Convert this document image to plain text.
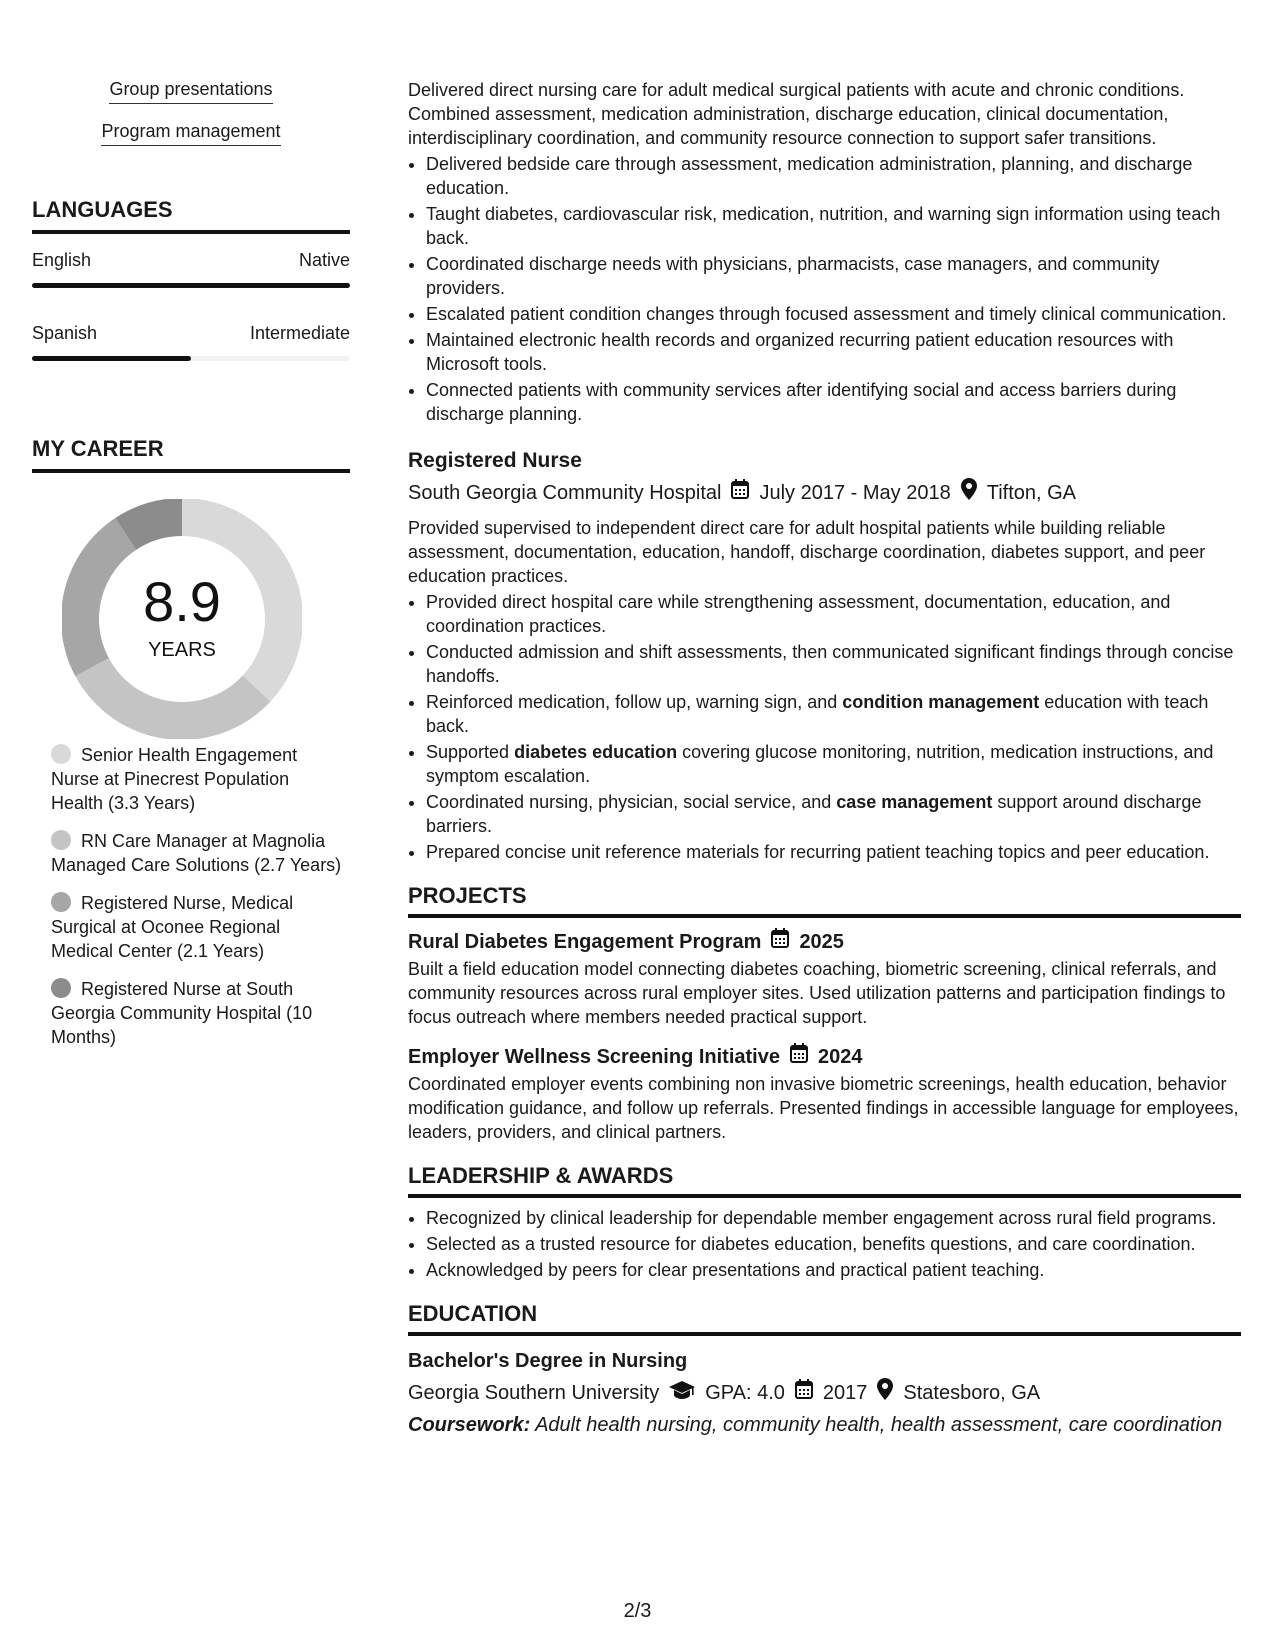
Group presentations
Program management
LANGUAGES
English	Native
Spanish	Intermediate
MY CAREER
8.9
YEARS
Senior Health Engagement Nurse at Pinecrest Population Health (3.3 Years)
RN Care Manager at Magnolia Managed Care Solutions (2.7 Years)
Registered Nurse, Medical Surgical at Oconee Regional Medical Center (2.1 Years)
Registered Nurse at South Georgia Community Hospital (10 Months)

Delivered direct nursing care for adult medical surgical patients with acute and chronic conditions. Combined assessment, medication administration, discharge education, clinical documentation, interdisciplinary coordination, and community resource connection to support safer transitions.

• Delivered bedside care through assessment, medication administration, planning, and discharge education.
• Taught diabetes, cardiovascular risk, medication, nutrition, and warning sign information using teach back.
• Coordinated discharge needs with physicians, pharmacists, case managers, and community providers.
• Escalated patient condition changes through focused assessment and timely clinical communication.
• Maintained electronic health records and organized recurring patient education resources with Microsoft tools.
• Connected patients with community services after identifying social and access barriers during discharge planning.
Registered Nurse
South Georgia Community Hospital July 2017 - May 2018 Tifton, GA

Provided supervised to independent direct care for adult hospital patients while building reliable assessment, documentation, education, handoff, discharge coordination, diabetes support, and peer education practices.

• Provided direct hospital care while strengthening assessment, documentation, education, and coordination practices.
• Conducted admission and shift assessments, then communicated significant findings through concise handoffs.
• Reinforced medication, follow up, warning sign, and condition management education with teach back.
• Supported diabetes education covering glucose monitoring, nutrition, medication instructions, and symptom escalation.
• Coordinated nursing, physician, social service, and case management support around discharge barriers.
• Prepared concise unit reference materials for recurring patient teaching topics and peer education.
PROJECTS
Rural Diabetes Engagement Program 2025

Built a field education model connecting diabetes coaching, biometric screening, clinical referrals, and community resources across rural employer sites. Used utilization patterns and participation findings to focus outreach where members needed practical support.

Employer Wellness Screening Initiative 2024

Coordinated employer events combining non invasive biometric screenings, health education, behavior modification guidance, and follow up referrals. Presented findings in accessible language for employees, leaders, providers, and clinical partners.

LEADERSHIP & AWARDS
• Recognized by clinical leadership for dependable member engagement across rural field programs.
• Selected as a trusted resource for diabetes education, benefits questions, and care coordination.
• Acknowledged by peers for clear presentations and practical patient teaching.
EDUCATION
Bachelor's Degree in Nursing
Georgia Southern University GPA: 4.0 2017 Statesboro, GA
Coursework: Adult health nursing, community health, health assessment, care coordination
2/3
